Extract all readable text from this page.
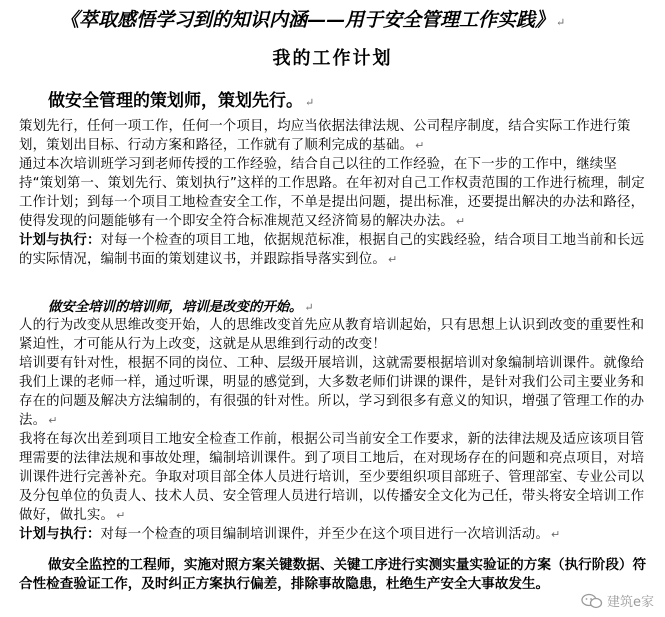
《萃取感悟学习到的知识内涵——用于安全管理工作实践》 ↵
我的工作计划
做安全管理的策划师，策划先行。 ↵

策划先行，任何一项工作，任何一个项目，均应当依据法律法规、公司程序制度，结合实际工作进行策划，策划出目标、行动方案和路径，工作就有了顺利完成的基础。 ↵

通过本次培训班学习到老师传授的工作经验，结合自己以往的工作经验，在下一步的工作中，继续坚持“策划第一、策划先行、策划执行”这样的工作思路。在年初对自己工作权责范围的工作进行梳理，制定工作计划；到每一个项目工地检查安全工作，不单是提出问题，提出标准，还要提出解决的办法和路径，使得发现的问题能够有一个即安全符合标准规范又经济简易的解决办法。 ↵

计划与执行：对每一个检查的项目工地，依据规范标准，根据自己的实践经验，结合项目工地当前和长远的实际情况，编制书面的策划建议书，并跟踪指导落实到位。 ↵

做安全培训的培训师，培训是改变的开始。 ↵

人的行为改变从思维改变开始，人的思维改变首先应从教育培训起始，只有思想上认识到改变的重要性和紧迫性，才可能从行为上改变，这就是从思维到行动的改变！

培训要有针对性，根据不同的岗位、工种、层级开展培训，这就需要根据培训对象编制培训课件。就像给我们上课的老师一样，通过听课，明显的感觉到，大多数老师们讲课的课件，是针对我们公司主要业务和存在的问题及解决方法编制的，有很强的针对性。所以，学习到很多有意义的知识，增强了管理工作的办法。 ↵

我将在每次出差到项目工地安全检查工作前，根据公司当前安全工作要求，新的法律法规及适应该项目管理需要的法律法规和事故处理，编制培训课件。到了项目工地后，在对现场存在的问题和亮点项目，对培训课件进行完善补充。争取对项目部全体人员进行培训，至少要组织项目部班子、管理部室、专业公司以及分包单位的负责人、技术人员、安全管理人员进行培训，以传播安全文化为己任，带头将安全培训工作做好，做扎实。 ↵

计划与执行：对每一个检查的项目编制培训课件，并至少在这个项目进行一次培训活动。 ↵

做安全监控的工程师，实施对照方案关键数据、关键工序进行实测实量实验证的方案（执行阶段）符合性检查验证工作，及时纠正方案执行偏差，排除事故隐患，杜绝生产安全大事故发生。
建筑e家
